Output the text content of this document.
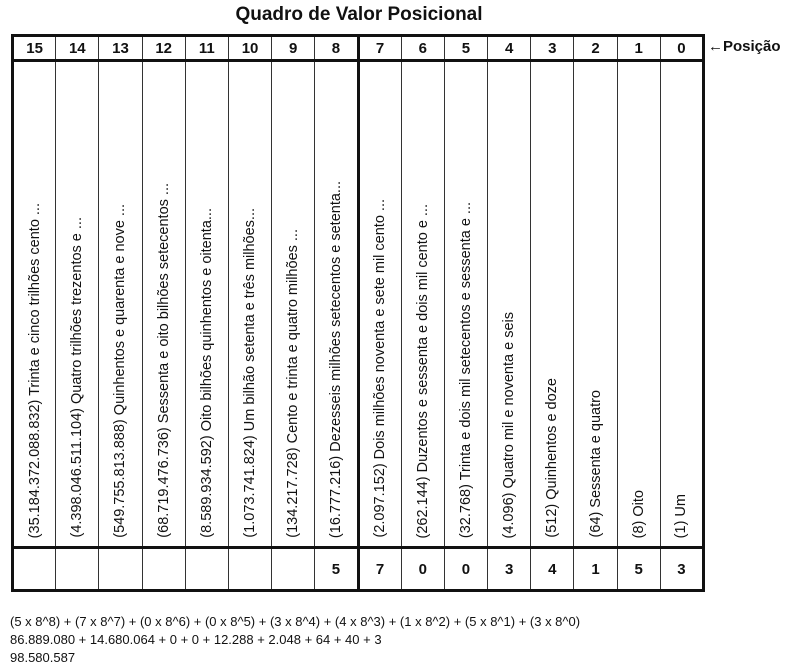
Quadro de Valor Posicional
15	14	13	12	11	10	9	8	7	6	5	4	3	2	1	0

(35.184.372.088.832) Trinta e cinco trilhões cento ...	(4.398.046.511.104) Quatro trilhões trezentos e ...	(549.755.813.888) Quinhentos e quarenta e nove ...	(68.719.476.736) Sessenta e oito bilhões setecentos ...	(8.589.934.592) Oito bilhões quinhentos e oitenta...	(1.073.741.824) Um bilhão setenta e três milhões...	(134.217.728) Cento e trinta e quatro milhões ...	(16.777.216) Dezesseis milhões setecentos e setenta...	(2.097.152) Dois milhões noventa e sete mil cento ...	(262.144) Duzentos e sessenta e dois mil cento e ...	(32.768) Trinta e dois mil setecentos e sessenta e ...	(4.096) Quatro mil e noventa e seis	(512) Quinhentos e doze	(64) Sessenta e quatro	(8) Oito	(1) Um

							5	7	0	0	3	4	1	5	3
←Posição
(5 x 8^8) + (7 x 8^7) + (0 x 8^6) + (0 x 8^5) + (3 x 8^4) + (4 x 8^3) + (1 x 8^2) + (5 x 8^1) + (3 x 8^0)
86.889.080 + 14.680.064 + 0 + 0 + 12.288 + 2.048 + 64 + 40 + 3
98.580.587
